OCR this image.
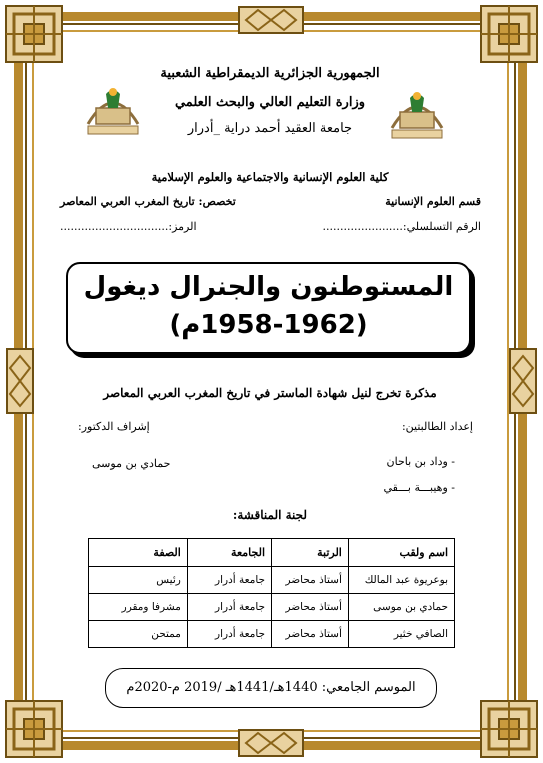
الجمهورية الجزائرية الديمقراطية الشعبية
وزارة التعليم العالي والبحث العلمي
جامعة العقيد أحمد دراية _أدرار
كلية العلوم الإنسانية والاجتماعية والعلوم الإسلامية
قسم العلوم الإنسانية
تخصص: تاريخ المغرب العربي المعاصر
الرقم التسلسلي:.......................
الرمز:...............................
المستوطنون والجنرال ديغول
(1958-1962م)
مذكرة تخرج لنيل شهادة الماستر في تاريخ المغرب العربي المعاصر
إعداد الطالبتين:
إشراف الدكتور:
- وداد بن باحان
حمادي بن موسى
- وهيبـــة بـــقي
لجنة المناقشة:
اسم ولقب	الرتبة	الجامعة	الصفة
بوعريوة عبد المالك	أستاذ محاضر	جامعة أدرار	رئيس
حمادي بن موسى	أستاذ محاضر	جامعة أدرار	مشرفا ومقرر
الصافي خثير	أستاذ محاضر	جامعة أدرار	ممتحن
الموسم الجامعي: 1440هـ/1441هـ /2019 م-2020م
